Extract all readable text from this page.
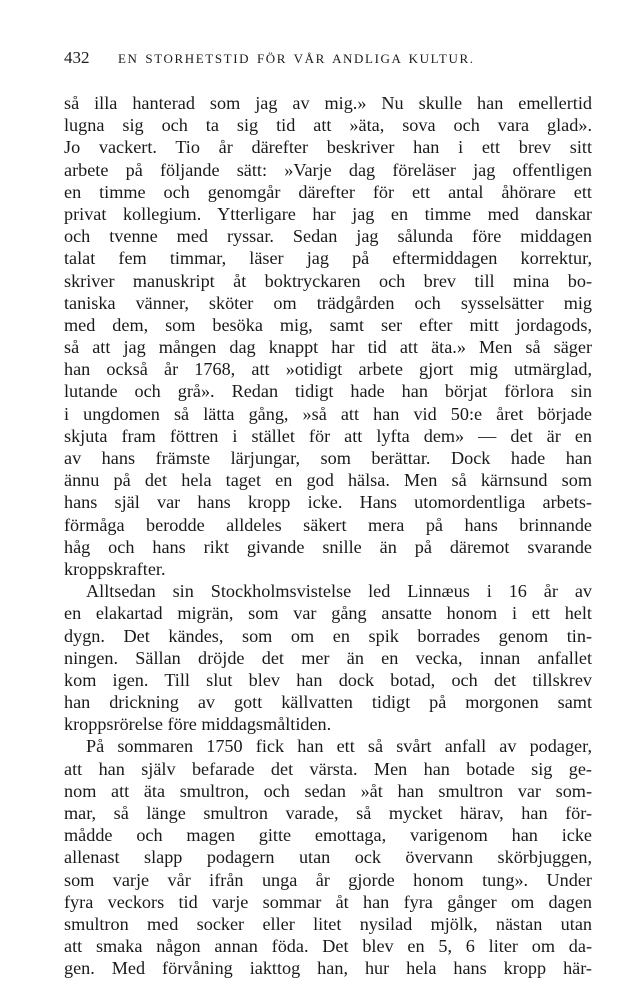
432 EN STORHETSTID FÖR VÅR ANDLIGA KULTUR.
så illa hanterad som jag av mig.» Nu skulle han emellertid
lugna sig och ta sig tid att »äta, sova och vara glad».
Jo vackert. Tio år därefter beskriver han i ett brev sitt
arbete på följande sätt: »Varje dag föreläser jag offentligen
en timme och genomgår därefter för ett antal åhörare ett
privat kollegium. Ytterligare har jag en timme med danskar
och tvenne med ryssar. Sedan jag sålunda före middagen
talat fem timmar, läser jag på eftermiddagen korrektur,
skriver manuskript åt boktryckaren och brev till mina bo-
taniska vänner, sköter om trädgården och sysselsätter mig
med dem, som besöka mig, samt ser efter mitt jordagods,
så att jag mången dag knappt har tid att äta.» Men så säger
han också år 1768, att »otidigt arbete gjort mig utmärglad,
lutande och grå». Redan tidigt hade han börjat förlora sin
i ungdomen så lätta gång, »så att han vid 50:e året började
skjuta fram föttren i stället för att lyfta dem» — det är en
av hans främste lärjungar, som berättar. Dock hade han
ännu på det hela taget en god hälsa. Men så kärnsund som
hans själ var hans kropp icke. Hans utomordentliga arbets-
förmåga berodde alldeles säkert mera på hans brinnande
håg och hans rikt givande snille än på däremot svarande
kroppskrafter.
Alltsedan sin Stockholmsvistelse led Linnæus i 16 år av
en elakartad migrän, som var gång ansatte honom i ett helt
dygn. Det kändes, som om en spik borrades genom tin-
ningen. Sällan dröjde det mer än en vecka, innan anfallet
kom igen. Till slut blev han dock botad, och det tillskrev
han drickning av gott källvatten tidigt på morgonen samt
kroppsrörelse före middagsmåltiden.
På sommaren 1750 fick han ett så svårt anfall av podager,
att han själv befarade det värsta. Men han botade sig ge-
nom att äta smultron, och sedan »åt han smultron var som-
mar, så länge smultron varade, så mycket härav, han för-
mådde och magen gitte emottaga, varigenom han icke
allenast slapp podagern utan ock övervann skörbjuggen,
som varje vår ifrån unga år gjorde honom tung». Under
fyra veckors tid varje sommar åt han fyra gånger om dagen
smultron med socker eller litet nysilad mjölk, nästan utan
att smaka någon annan föda. Det blev en 5, 6 liter om da-
gen. Med förvåning iakttog han, hur hela hans kropp här-
